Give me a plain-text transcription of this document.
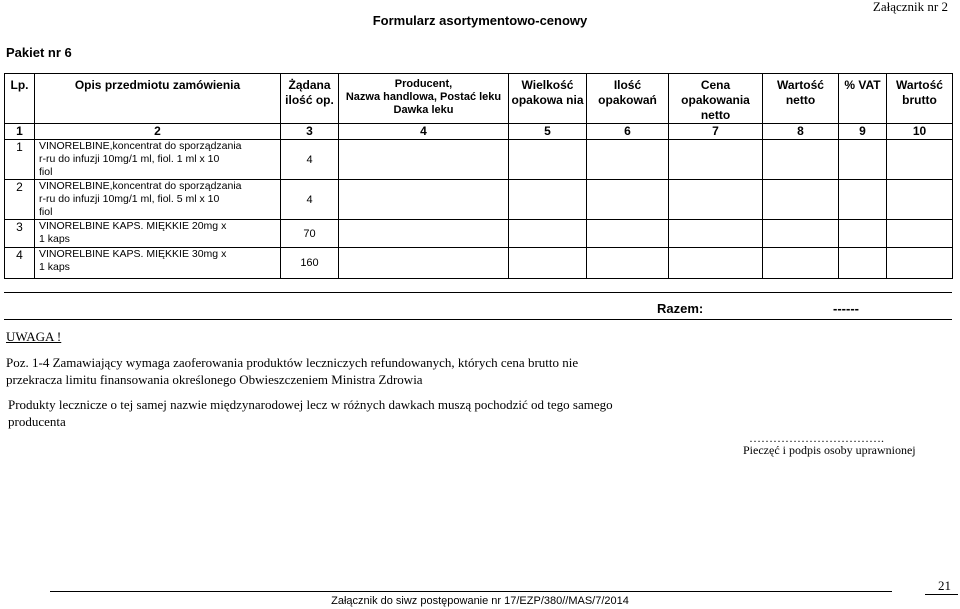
Załącznik nr 2
Formularz asortymentowo-cenowy
Pakiet nr 6
Lp.	Opis przedmiotu zamówienia	Żądana ilość op.	Producent,
Nazwa handlowa, Postać leku
Dawka leku	Wielkość opakowa nia	Ilość opakowań	Cena opakowania netto	Wartość netto	% VAT	Wartość brutto
1	2	3	4	5	6	7	8	9	10
1	VINORELBINE,koncentrat do sporządzania
r-ru do infuzji 10mg/1 ml, fiol. 1 ml x 10
fiol	4							
2	VINORELBINE,koncentrat do sporządzania
r-ru do infuzji 10mg/1 ml, fiol. 5 ml x 10
fiol	4							
3	VINORELBINE KAPS. MIĘKKIE 20mg x
1 kaps	70							
4	VINORELBINE KAPS. MIĘKKIE 30mg x
1 kaps	160							
Razem:	------
UWAGA !
Poz. 1-4 Zamawiający wymaga zaoferowania produktów leczniczych refundowanych, których cena brutto nie
przekracza limitu finansowania określonego Obwieszczeniem Ministra Zdrowia
Produkty lecznicze o tej samej nazwie międzynarodowej lecz w różnych dawkach muszą pochodzić od tego samego
producenta
…………………………….
Pieczęć i podpis osoby uprawnionej
21
Załącznik do siwz postępowanie nr 17/EZP/380//MAS/7/2014
